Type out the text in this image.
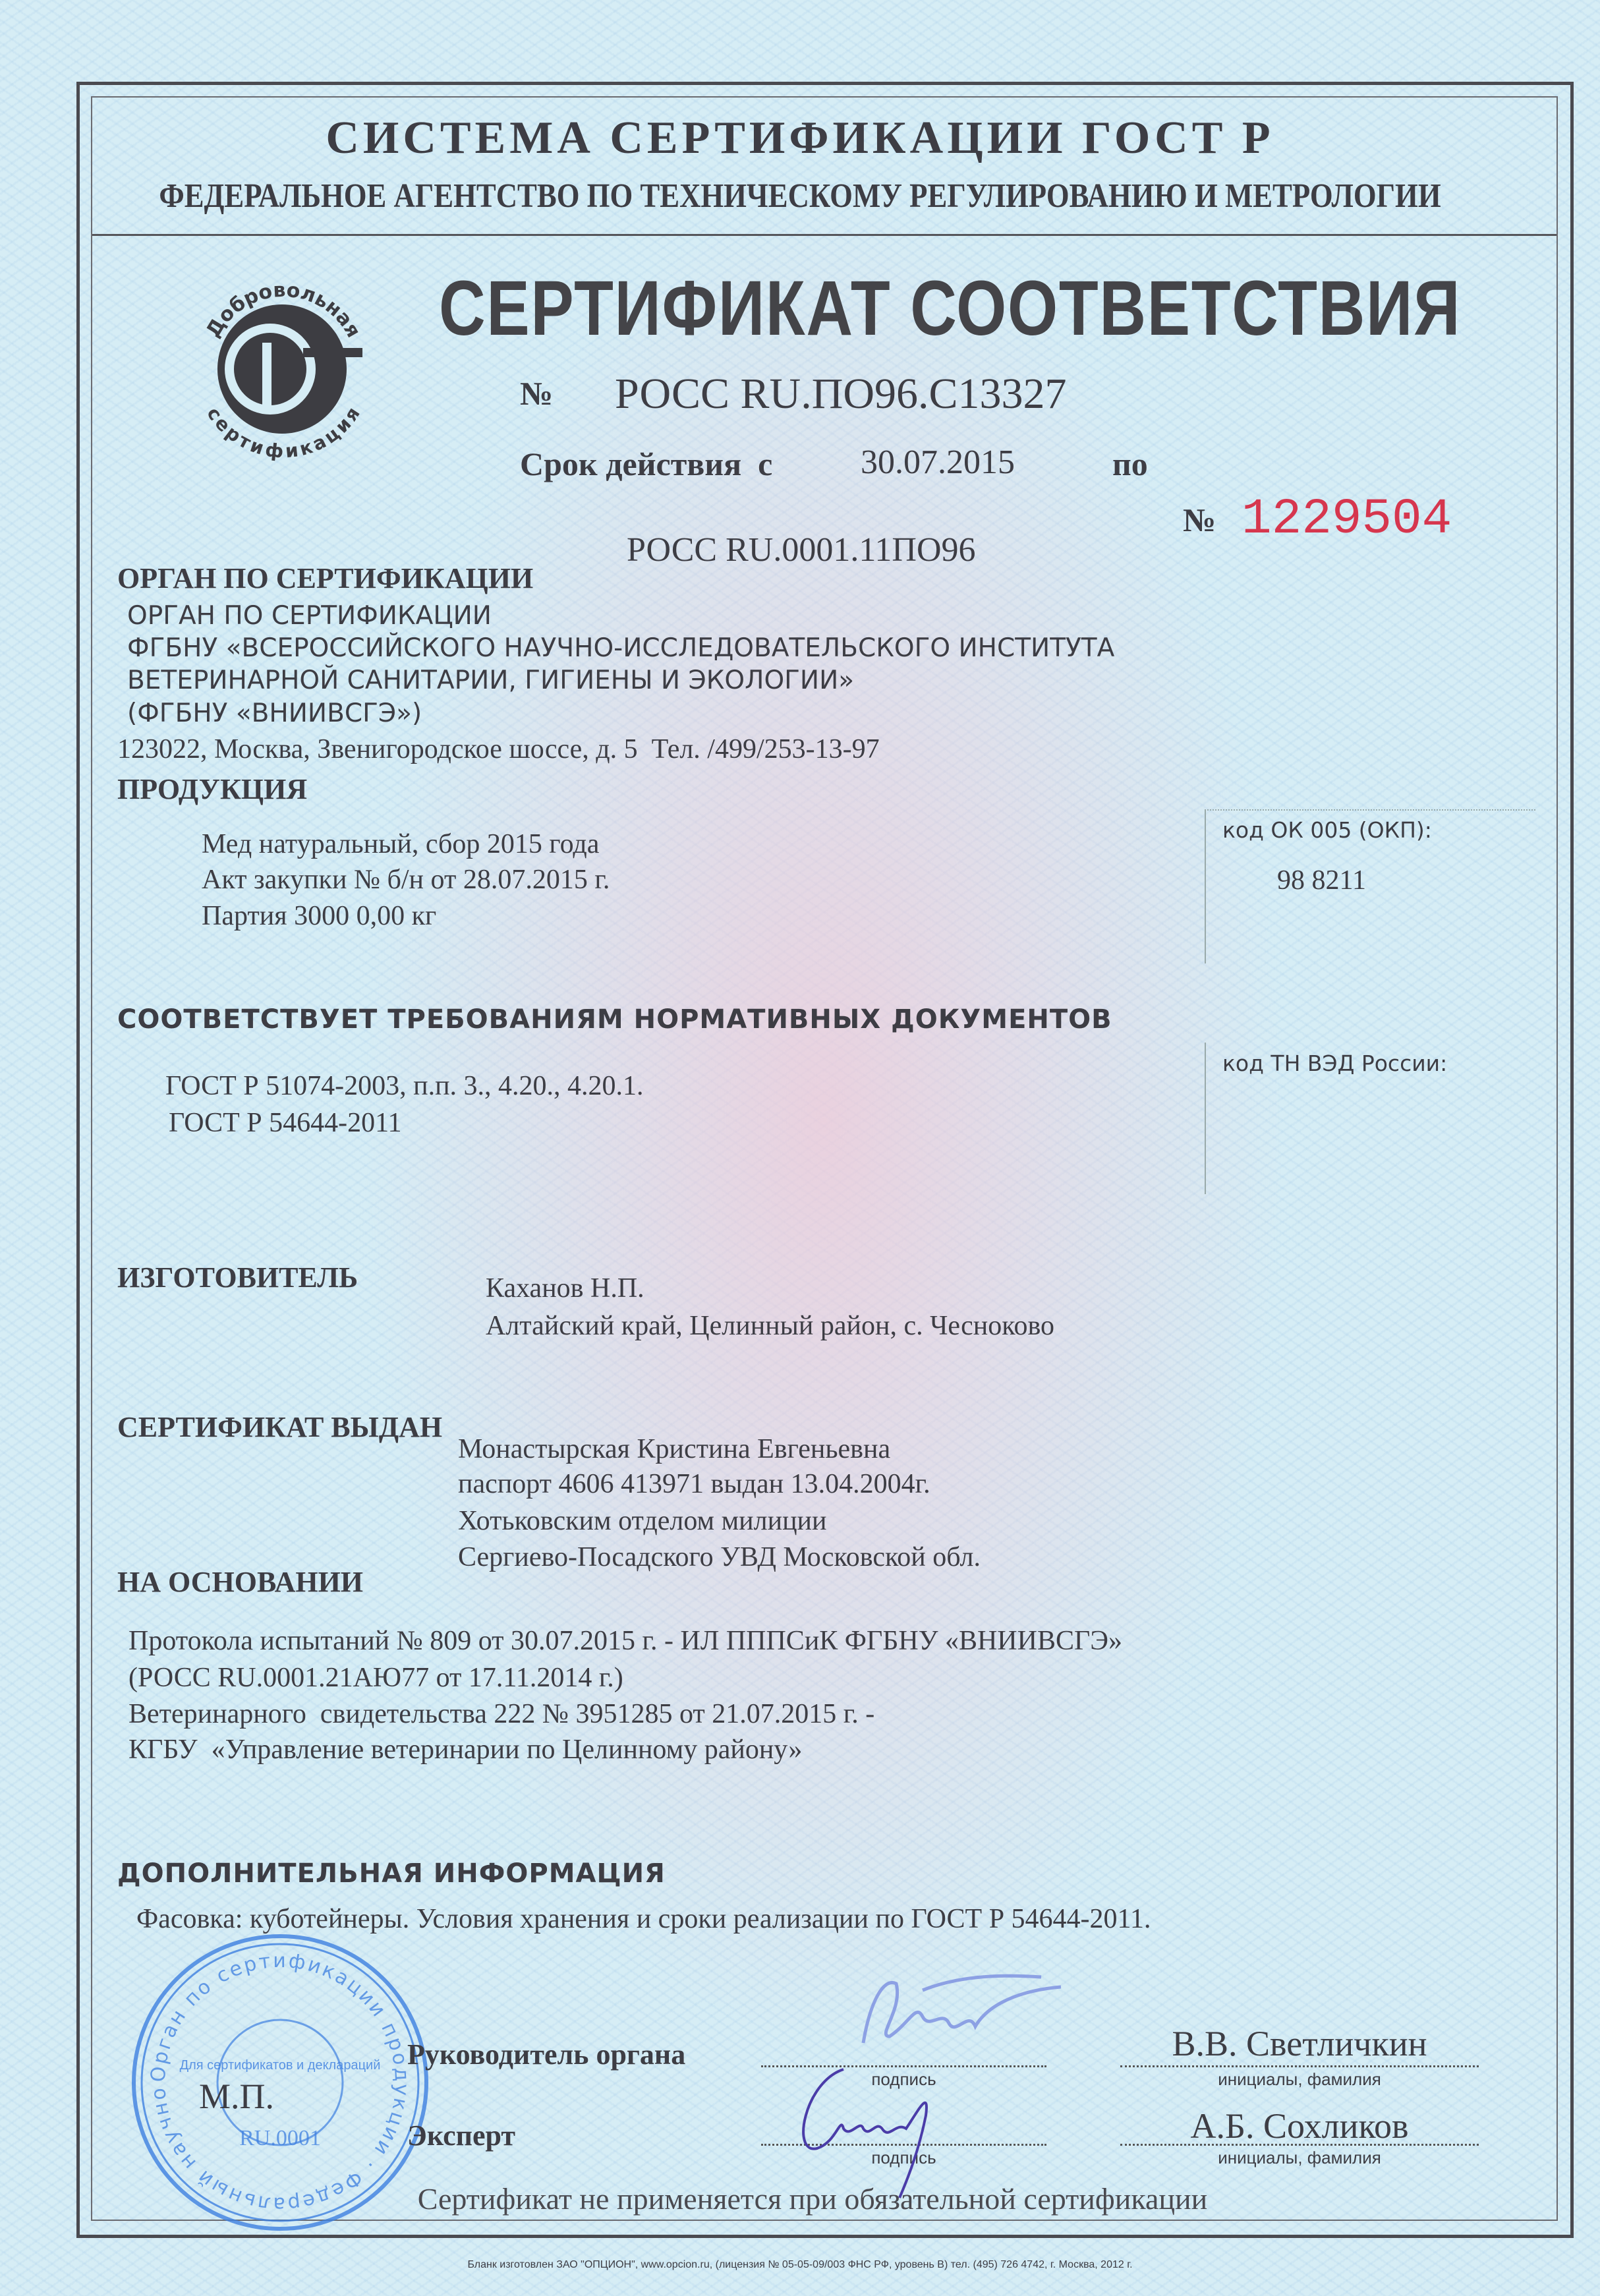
СИСТЕМА СЕРТИФИКАЦИИ ГОСТ Р
ФЕДЕРАЛЬНОЕ АГЕНТСТВО ПО ТЕХНИЧЕСКОМУ РЕГУЛИРОВАНИЮ И МЕТРОЛОГИИ
Добровольная
сертификация
СЕРТИФИКАТ СООТВЕТСТВИЯ
№ РОСС RU.ПО96.С13327
Срок действия  с	30.07.2015	по
№ 1229504
РОСС RU.0001.11ПО96
ОРГАН ПО СЕРТИФИКАЦИИ
ОРГАН ПО СЕРТИФИКАЦИИ
ФГБНУ «ВСЕРОССИЙСКОГО НАУЧНО-ИССЛЕДОВАТЕЛЬСКОГО ИНСТИТУТА
ВЕТЕРИНАРНОЙ САНИТАРИИ, ГИГИЕНЫ И ЭКОЛОГИИ»
(ФГБНУ «ВНИИВСГЭ»)
123022, Москва, Звенигородское шоссе, д. 5  Тел. /499/253-13-97
ПРОДУКЦИЯ
Мед натуральный, сбор 2015 года
Акт закупки № б/н от 28.07.2015 г.
Партия 3000 0,00 кг
код ОК 005 (ОКП):
98 8211
СООТВЕТСТВУЕТ ТРЕБОВАНИЯМ НОРМАТИВНЫХ ДОКУМЕНТОВ
ГОСТ Р 51074-2003, п.п. 3., 4.20., 4.20.1.
ГОСТ Р 54644-2011
код ТН ВЭД России:
ИЗГОТОВИТЕЛЬ	Каханов Н.П.
Алтайский край, Целинный район, с. Чесноково
СЕРТИФИКАТ ВЫДАН
Монастырская Кристина Евгеньевна
паспорт 4606 413971 выдан 13.04.2004г.
Хотьковским отделом милиции
Сергиево-Посадского УВД Московской обл.
НА ОСНОВАНИИ
Протокола испытаний № 809 от 30.07.2015 г. - ИЛ ПППСиК ФГБНУ «ВНИИВСГЭ»
(РОСС RU.0001.21АЮ77 от 17.11.2014 г.)
Ветеринарного  свидетельства 222 № 3951285 от 21.07.2015 г. -
КГБУ  «Управление ветеринарии по Целинному району»
ДОПОЛНИТЕЛЬНАЯ ИНФОРМАЦИЯ
Фасовка: куботейнеры. Условия хранения и сроки реализации по ГОСТ Р 54644-2011.
Орган по сертификации продукции · Федеральный научно
Для сертификатов и деклараций
RU.0001
М.П.
Руководитель органа
подпись
В.В. Светличкин
инициалы, фамилия
Эксперт
подпись
А.Б. Сохликов
инициалы, фамилия
Сертификат не применяется при обязательной сертификации
Бланк изготовлен ЗАО "ОПЦИОН", www.opcion.ru, (лицензия № 05-05-09/003 ФНС РФ, уровень В) тел. (495) 726 4742, г. Москва, 2012 г.
